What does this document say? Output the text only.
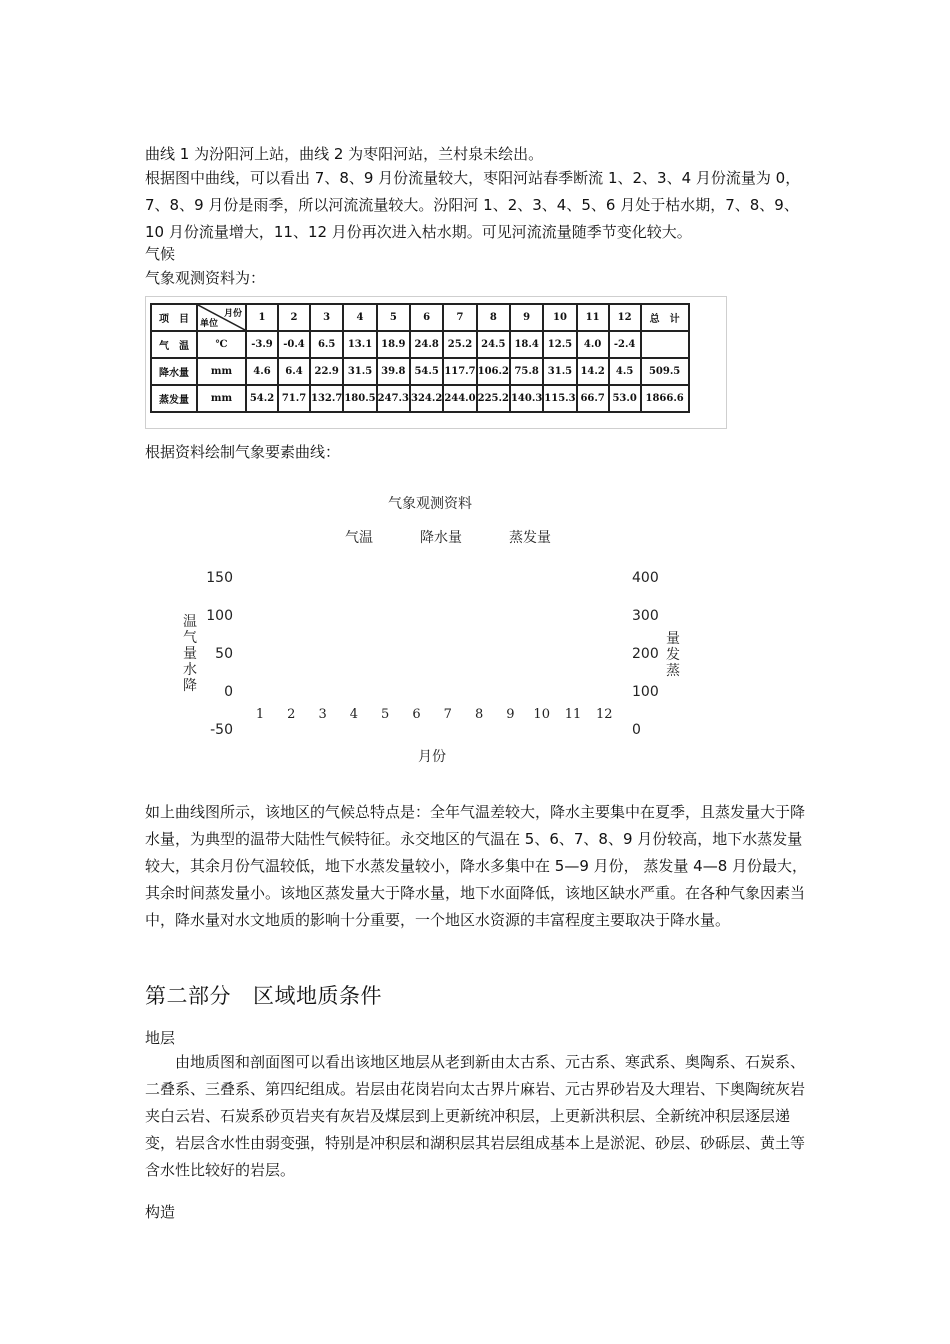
曲线 1 为汾阳河上站，曲线 2 为枣阳河站，兰村泉未绘出。

根据图中曲线，可以看出 7、8、9 月份流量较大，枣阳河站春季断流 1、2、3、4 月份流量为 0，7、8、9 月份是雨季，所以河流流量较大。汾阳河 1、2、3、4、5、6 月处于枯水期，7、8、9、10 月份流量增大，11、12 月份再次进入枯水期。可见河流流量随季节变化较大。

气候

气象观测资料为：

项　目	月份
单位	1	2	3	4	5	6	7	8	9	10	11	12	总　计
气　温	℃	-3.9	-0.4	6.5	13.1	18.9	24.8	25.2	24.5	18.4	12.5	4.0	-2.4	
降水量	mm	4.6	6.4	22.9	31.5	39.8	54.5	117.7	106.2	75.8	31.5	14.2	4.5	509.5
蒸发量	mm	54.2	71.7	132.7	180.5	247.3	324.2	244.0	225.2	140.3	115.3	66.7	53.0	1866.6

根据资料绘制气象要素曲线：

气象观测资料
气温	降水量	蒸发量
150
100
50
0
-50
400
300
200
100
0
1 2 3 4 5 6 7 8 9 10 11 12
月份
温
气
量
水
降
量
发
蒸

如上曲线图所示，该地区的气候总特点是：全年气温差较大，降水主要集中在夏季，且蒸发量大于降水量，为典型的温带大陆性气候特征。永交地区的气温在 5、6、7、8、9 月份较高，地下水蒸发量较大，其余月份气温较低，地下水蒸发量较小，降水多集中在 5—9 月份， 蒸发量 4—8 月份最大，其余时间蒸发量小。该地区蒸发量大于降水量，地下水面降低，该地区缺水严重。在各种气象因素当中，降水量对水文地质的影响十分重要，一个地区水资源的丰富程度主要取决于降水量。

第二部分 区域地质条件

地层

由地质图和剖面图可以看出该地区地层从老到新由太古系、元古系、寒武系、奥陶系、石炭系、二叠系、三叠系、第四纪组成。岩层由花岗岩向太古界片麻岩、元古界砂岩及大理岩、下奥陶统灰岩夹白云岩、石炭系砂页岩夹有灰岩及煤层到上更新统冲积层，上更新洪积层、全新统冲积层逐层递变，岩层含水性由弱变强，特别是冲积层和湖积层其岩层组成基本上是淤泥、砂层、砂砾层、黄土等含水性比较好的岩层。

构造
